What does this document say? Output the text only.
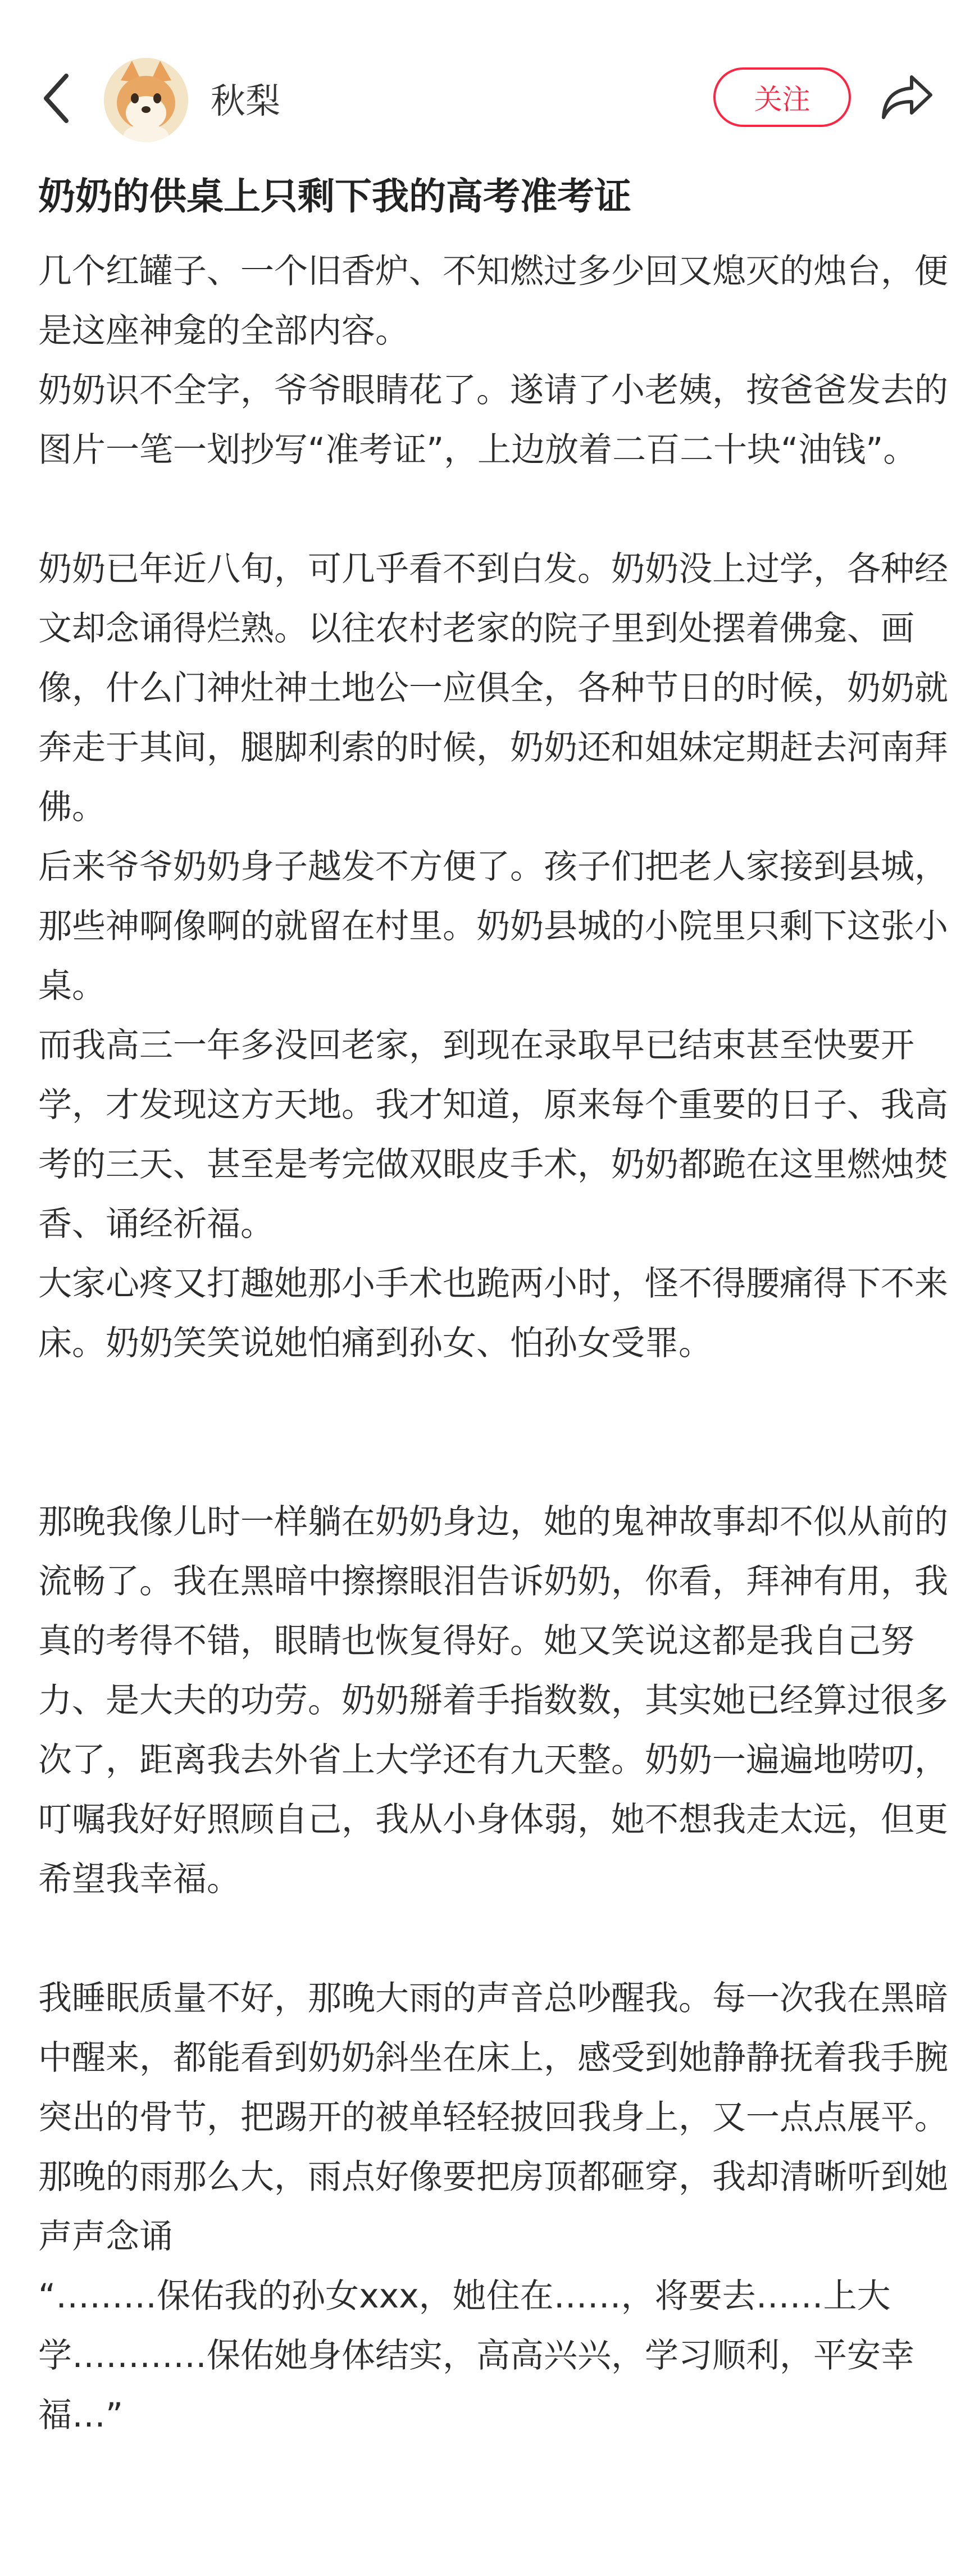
秋梨	关注
奶奶的供桌上只剩下我的高考准考证

几个红罐子、一个旧香炉、不知燃过多少回又熄灭的烛台，便是这座神龛的全部内容。

奶奶识不全字，爷爷眼睛花了。遂请了小老姨，按爸爸发去的图片一笔一划抄写“准考证”，上边放着二百二十块“油钱”。

奶奶已年近八旬，可几乎看不到白发。奶奶没上过学，各种经文却念诵得烂熟。以往农村老家的院子里到处摆着佛龛、画像，什么门神灶神土地公一应俱全，各种节日的时候，奶奶就奔走于其间，腿脚利索的时候，奶奶还和姐妹定期赶去河南拜佛。

后来爷爷奶奶身子越发不方便了。孩子们把老人家接到县城，那些神啊像啊的就留在村里。奶奶县城的小院里只剩下这张小桌。

而我高三一年多没回老家，到现在录取早已结束甚至快要开学，才发现这方天地。我才知道，原来每个重要的日子、我高考的三天、甚至是考完做双眼皮手术，奶奶都跪在这里燃烛焚香、诵经祈福。

大家心疼又打趣她那小手术也跪两小时，怪不得腰痛得下不来床。奶奶笑笑说她怕痛到孙女、怕孙女受罪。

那晚我像儿时一样躺在奶奶身边，她的鬼神故事却不似从前的流畅了。我在黑暗中擦擦眼泪告诉奶奶，你看，拜神有用，我真的考得不错，眼睛也恢复得好。她又笑说这都是我自己努力、是大夫的功劳。奶奶掰着手指数数，其实她已经算过很多次了，距离我去外省上大学还有九天整。奶奶一遍遍地唠叨，叮嘱我好好照顾自己，我从小身体弱，她不想我走太远，但更希望我幸福。

我睡眠质量不好，那晚大雨的声音总吵醒我。每一次我在黑暗中醒来，都能看到奶奶斜坐在床上，感受到她静静抚着我手腕突出的骨节，把踢开的被单轻轻披回我身上，又一点点展平。

那晚的雨那么大，雨点好像要把房顶都砸穿，我却清晰听到她声声念诵

“………保佑我的孙女xxx，她住在……，将要去……上大学…………保佑她身体结实，高高兴兴，学习顺利，平安幸福…”
